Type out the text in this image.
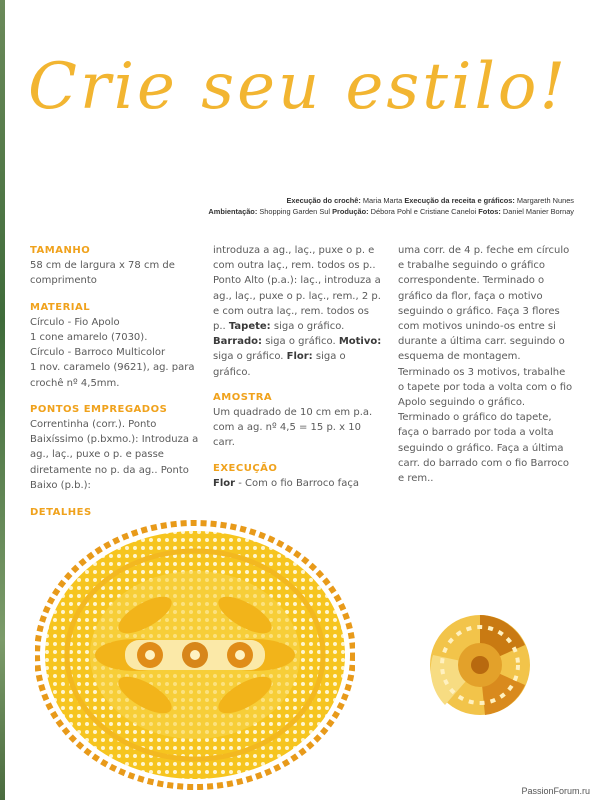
Crie seu estilo!
Execução do crochê: Maria Marta Execução da receita e gráficos: Margareth Nunes
Ambientação: Shopping Garden Sul Produção: Débora Pohl e Cristiane Caneloi Fotos: Daniel Manier Bornay
TAMANHO
58 cm de largura x 78 cm de comprimento
MATERIAL
Círculo - Fio Apolo
1 cone amarelo (7030).
Círculo - Barroco Multicolor
1 nov. caramelo (9621), ag. para crochê nº 4,5mm.
PONTOS EMPREGADOS
Correntinha (corr.). Ponto Baixíssimo (p.bxmo.): Introduza a ag., laç., puxe o p. e passe diretamente no p. da ag.. Ponto Baixo (p.b.):
introduza a ag., laç., puxe o p. e com outra laç., rem. todos os p.. Ponto Alto (p.a.): laç., introduza a ag., laç., puxe o p. laç., rem., 2 p. e com outra laç., rem. todos os p.. Tapete: siga o gráfico. Barrado: siga o gráfico. Motivo: siga o gráfico. Flor: siga o gráfico.
AMOSTRA
Um quadrado de 10 cm em p.a. com a ag. nº 4,5 = 15 p. x 10 carr.
EXECUÇÃO
Flor - Com o fio Barroco faça
uma corr. de 4 p. feche em círculo e trabalhe seguindo o gráfico correspondente. Terminado o gráfico da flor, faça o motivo seguindo o gráfico. Faça 3 flores com motivos unindo-os entre si durante a última carr. seguindo o esquema de montagem. Terminado os 3 motivos, trabalhe o tapete por toda a volta com o fio Apolo seguindo o gráfico. Terminado o gráfico do tapete, faça o barrado por toda a volta seguindo o gráfico. Faça a última carr. do barrado com o fio Barroco e rem..
DETALHES
PassionForum.ru
